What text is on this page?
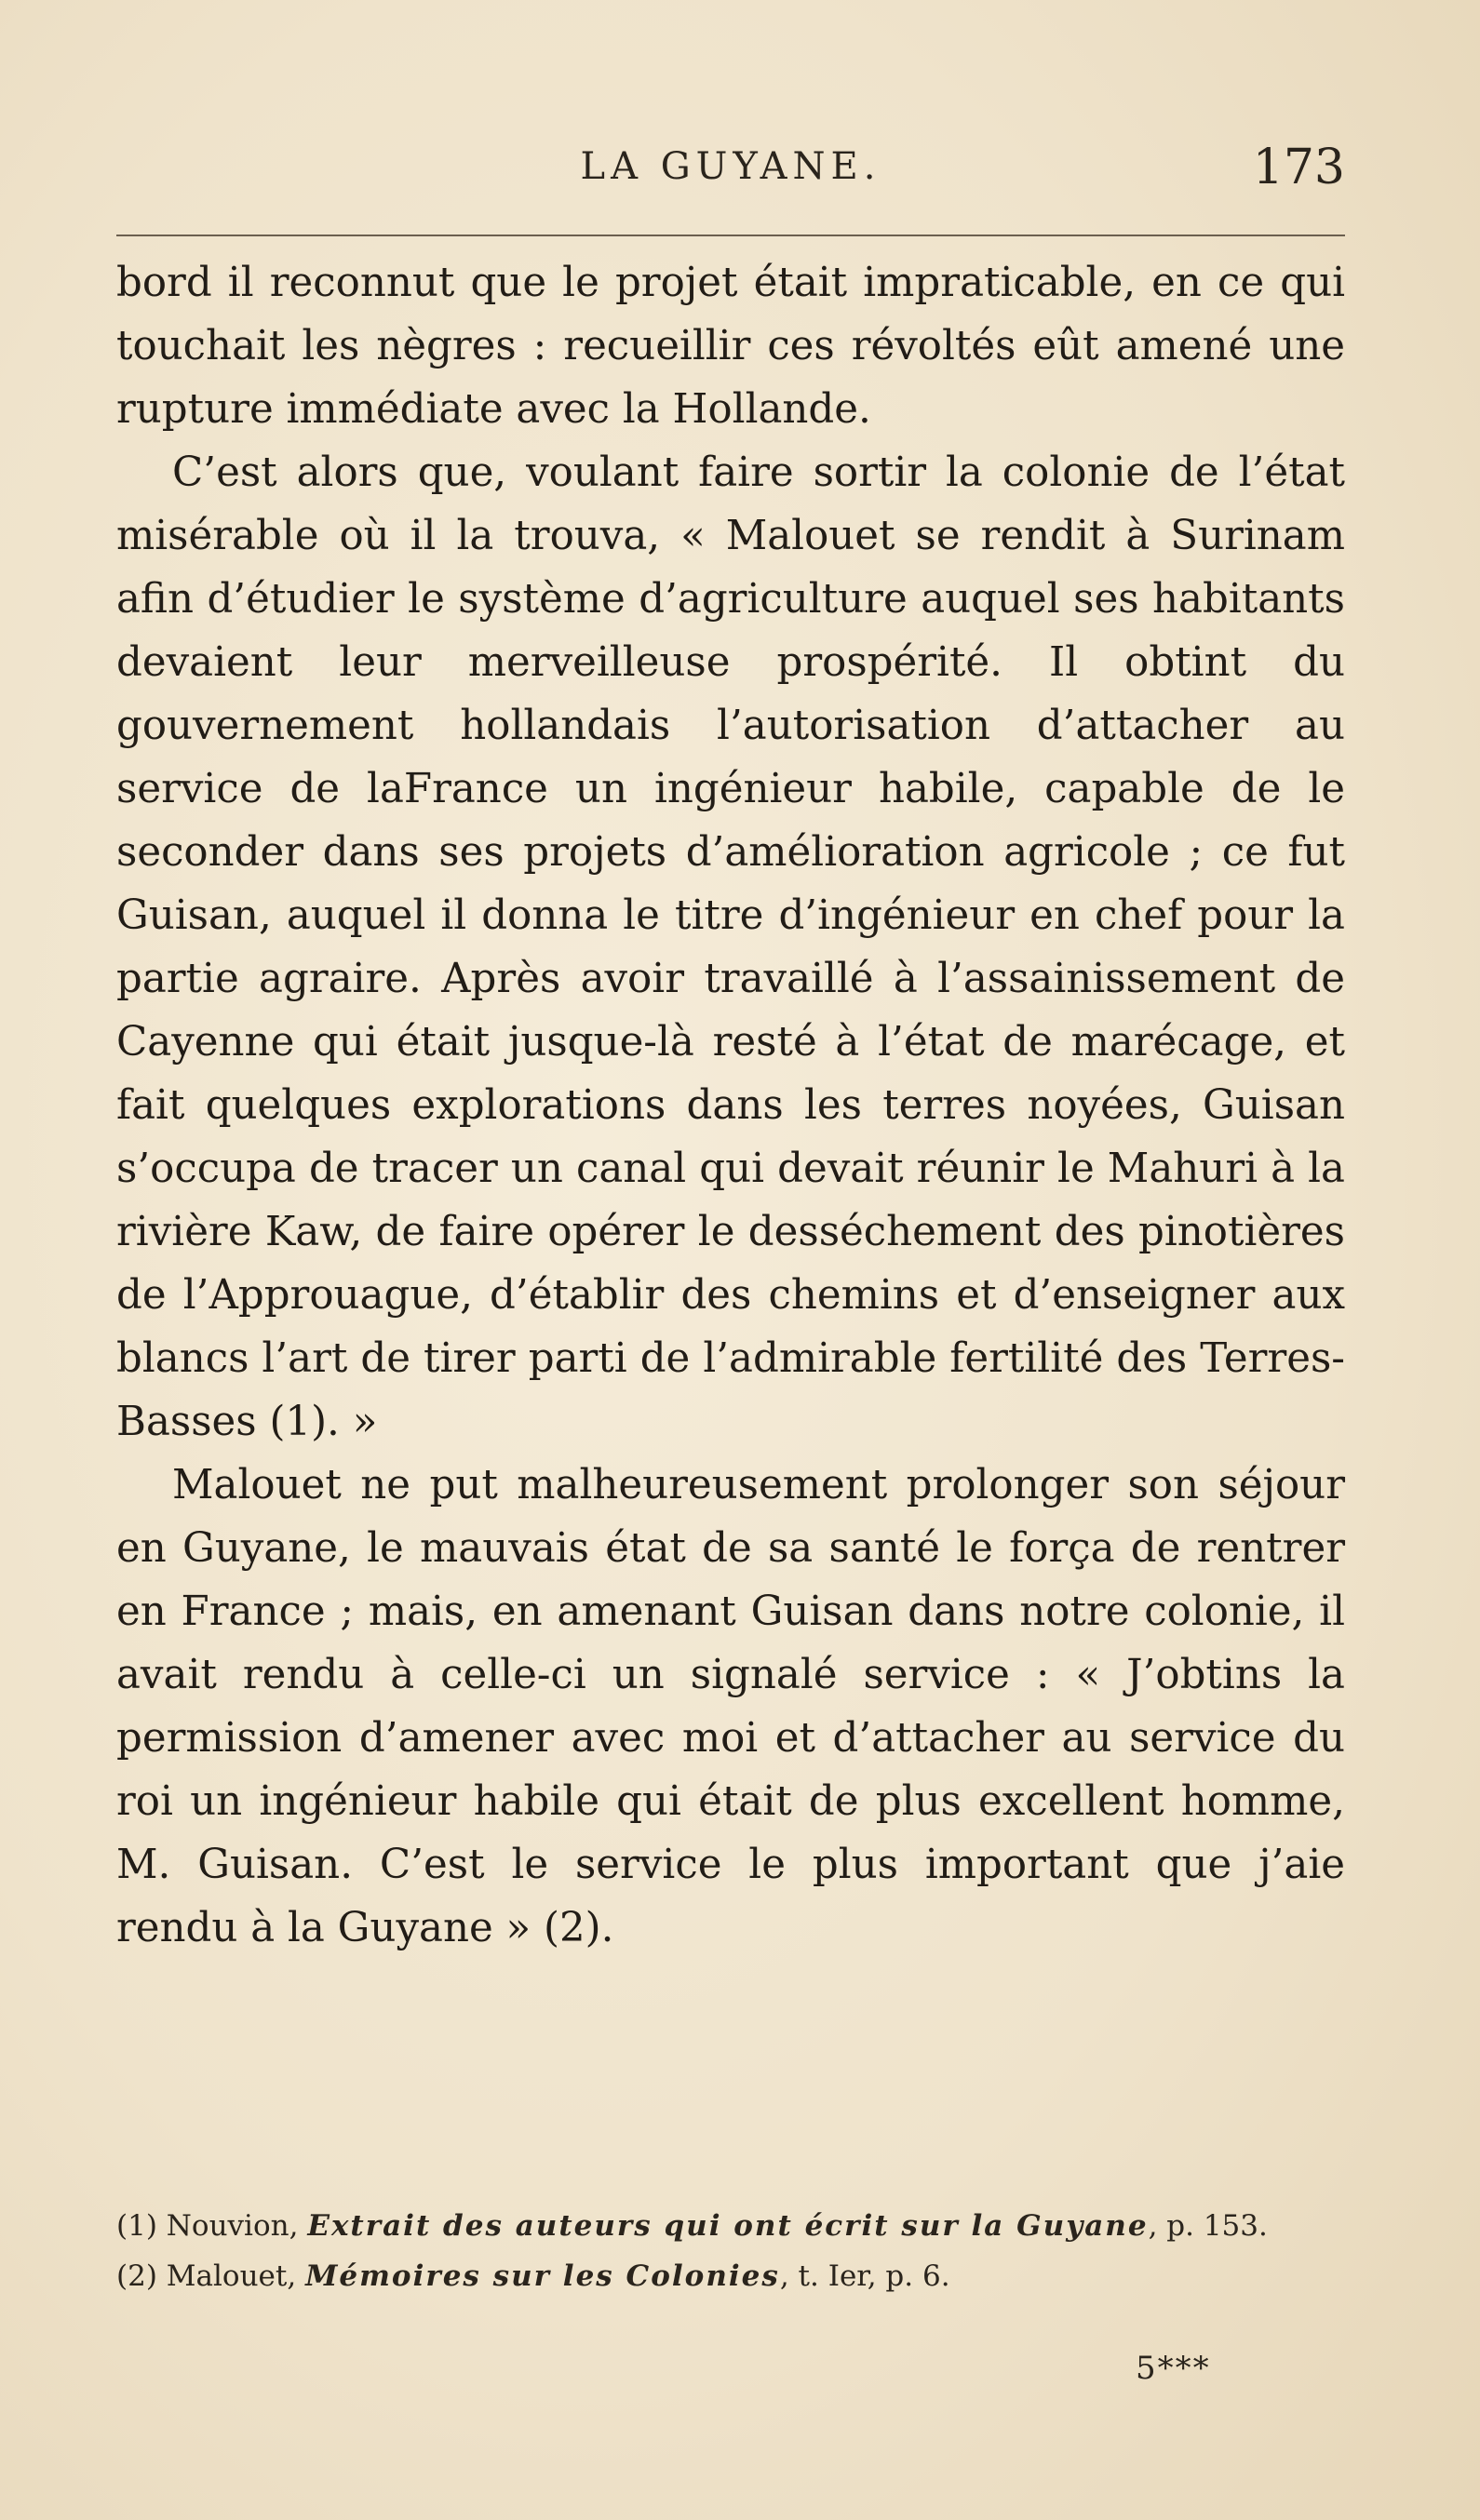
LA GUYANE.	173

bord il reconnut que le projet était impraticable, en ce qui touchait les nègres : recueillir ces révoltés eût amené une rupture immédiate avec la Hollande.

C’est alors que, voulant faire sortir la colonie de l’état misérable où il la trouva, « Malouet se rendit à Surinam afin d’étudier le système d’agriculture auquel ses habitants devaient leur merveilleuse prospérité. Il obtint du gouvernement hollandais l’autorisation d’attacher au service de laFrance un ingénieur habile, capable de le seconder dans ses projets d’amélioration agricole ; ce fut Guisan, auquel il donna le titre d’ingénieur en chef pour la partie agraire. Après avoir travaillé à l’assainissement de Cayenne qui était jusque-là resté à l’état de marécage, et fait quelques explorations dans les terres noyées, Guisan s’occupa de tracer un canal qui devait réunir le Mahuri à la rivière Kaw, de faire opérer le desséchement des pinotières de l’Approuague, d’établir des chemins et d’enseigner aux blancs l’art de tirer parti de l’admirable fertilité des Terres-Basses (1). »

Malouet ne put malheureusement prolonger son séjour en Guyane, le mauvais état de sa santé le força de rentrer en France ; mais, en amenant Guisan dans notre colonie, il avait rendu à celle-ci un signalé service : « J’obtins la permission d’amener avec moi et d’attacher au service du roi un ingénieur habile qui était de plus excellent homme, M. Guisan. C’est le service le plus important que j’aie rendu à la Guyane » (2).

(1) Nouvion, Extrait des auteurs qui ont écrit sur la Guyane, p. 153.

(2) Malouet, Mémoires sur les Colonies, t. Ier, p. 6.

5***
